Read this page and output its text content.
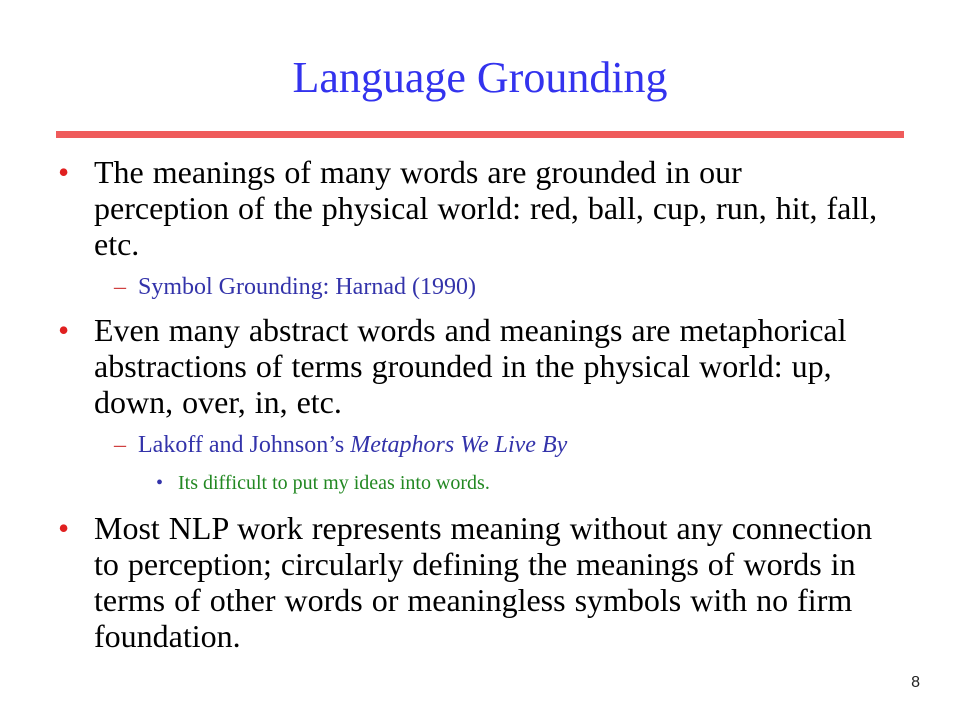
Language Grounding
• The meanings of many words are grounded in our perception of the physical world: red, ball, cup, run, hit, fall, etc.
– Symbol Grounding: Harnad (1990)
• Even many abstract words and meanings are metaphorical abstractions of terms grounded in the physical world: up, down, over, in, etc.
– Lakoff and Johnson’s Metaphors We Live By
• Its difficult to put my ideas into words.
• Most NLP work represents meaning without any connection to perception; circularly defining the meanings of words in terms of other words or meaningless symbols with no firm foundation.
8
